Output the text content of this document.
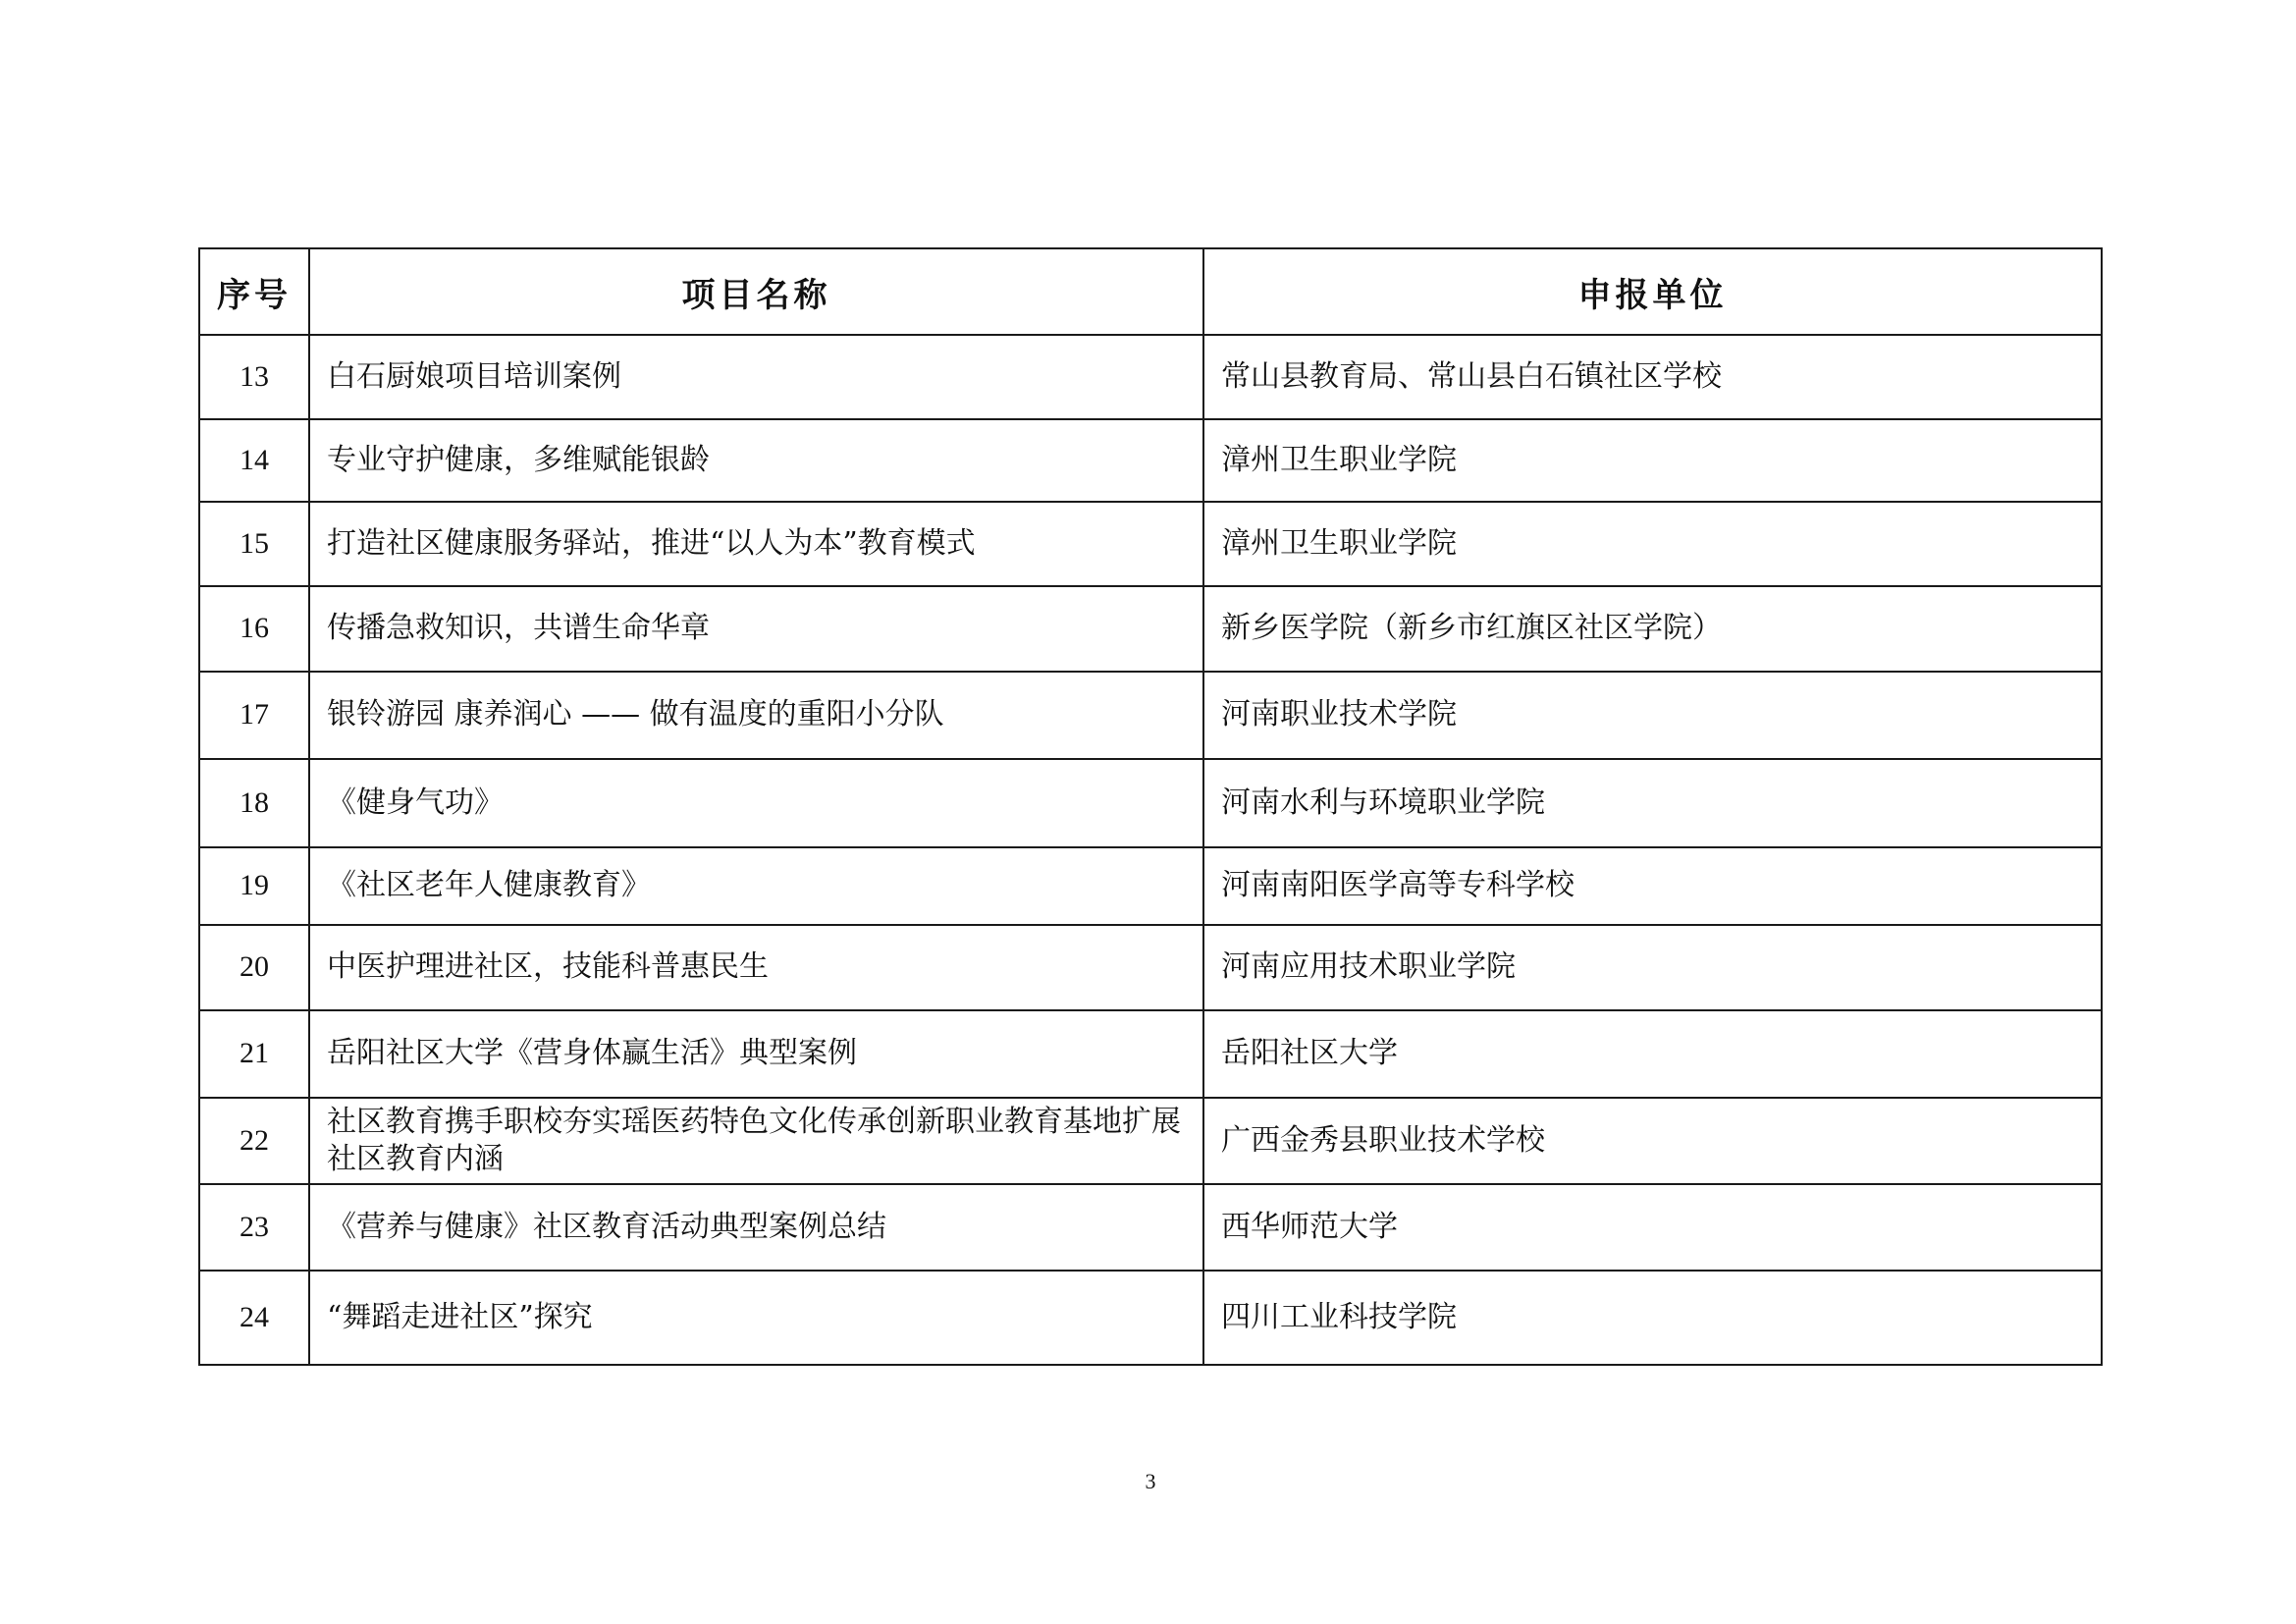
序号	项目名称	申报单位
13	白石厨娘项目培训案例	常山县教育局、常山县白石镇社区学校
14	专业守护健康，多维赋能银龄	漳州卫生职业学院
15	打造社区健康服务驿站，推进“以人为本”教育模式	漳州卫生职业学院
16	传播急救知识，共谱生命华章	新乡医学院（新乡市红旗区社区学院）
17	银铃游园 康养润心 —— 做有温度的重阳小分队	河南职业技术学院
18	《健身气功》	河南水利与环境职业学院
19	《社区老年人健康教育》	河南南阳医学高等专科学校
20	中医护理进社区，技能科普惠民生	河南应用技术职业学院
21	岳阳社区大学《营身体赢生活》典型案例	岳阳社区大学
22	社区教育携手职校夯实瑶医药特色文化传承创新职业教育基地扩展社区教育内涵	广西金秀县职业技术学校
23	《营养与健康》社区教育活动典型案例总结	西华师范大学
24	“舞蹈走进社区”探究	四川工业科技学院
3
